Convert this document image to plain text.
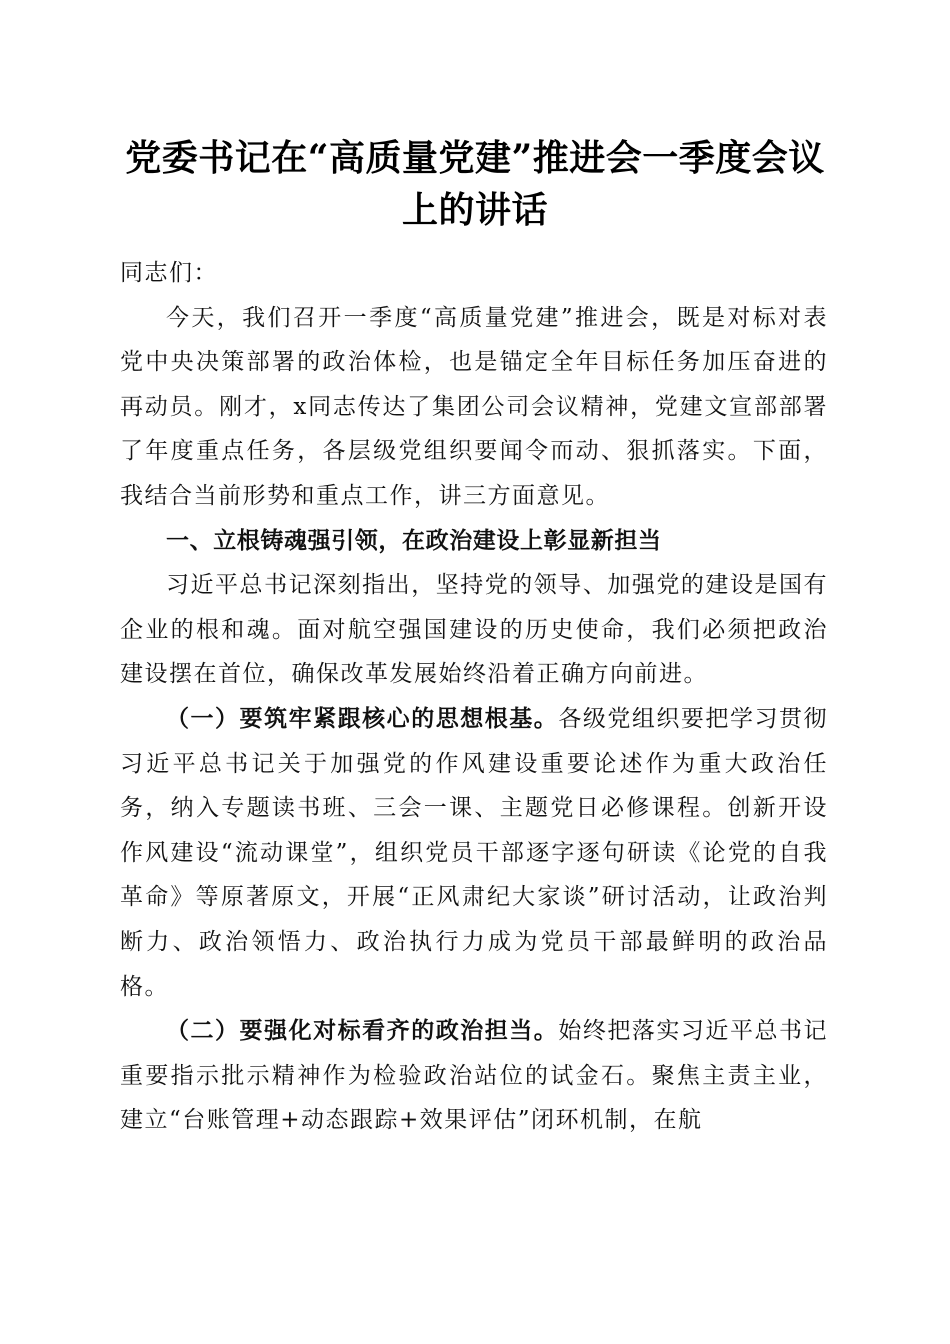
党委书记在“高质量党建”推进会一季度会议
上的讲话

同志们：

今天，我们召开一季度“高质量党建”推进会，既是对标对表党中央决策部署的政治体检，也是锚定全年目标任务加压奋进的再动员。刚才，x同志传达了集团公司会议精神，党建文宣部部署了年度重点任务，各层级党组织要闻令而动、狠抓落实。下面，我结合当前形势和重点工作，讲三方面意见。

一、立根铸魂强引领，在政治建设上彰显新担当

习近平总书记深刻指出，坚持党的领导、加强党的建设是国有企业的根和魂。面对航空强国建设的历史使命，我们必须把政治建设摆在首位，确保改革发展始终沿着正确方向前进。

（一）要筑牢紧跟核心的思想根基。各级党组织要把学习贯彻习近平总书记关于加强党的作风建设重要论述作为重大政治任务，纳入专题读书班、三会一课、主题党日必修课程。创新开设作风建设“流动课堂”，组织党员干部逐字逐句研读《论党的自我革命》等原著原文，开展“正风肃纪大家谈”研讨活动，让政治判断力、政治领悟力、政治执行力成为党员干部最鲜明的政治品格。

（二）要强化对标看齐的政治担当。始终把落实习近平总书记重要指示批示精神作为检验政治站位的试金石。聚焦主责主业，建立“台账管理+动态跟踪+效果评估”闭环机制，在航
